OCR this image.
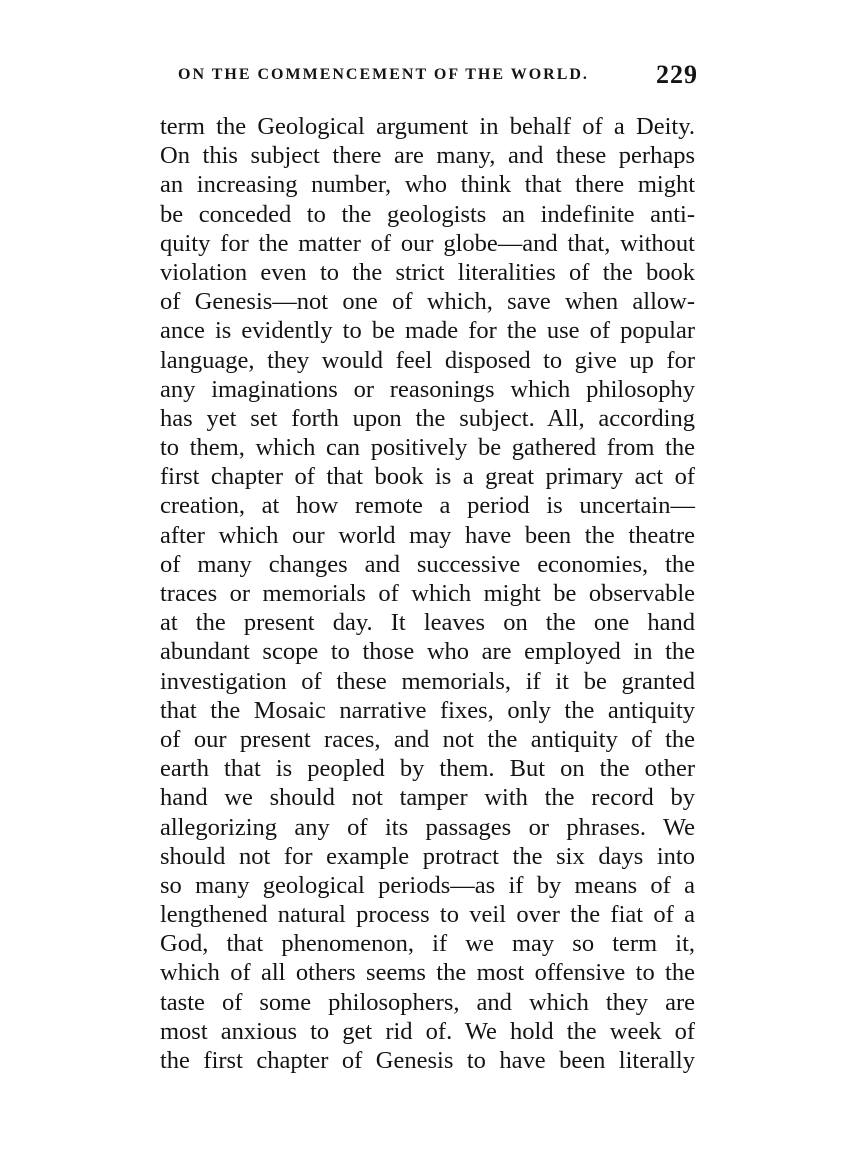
ON THE COMMENCEMENT OF THE WORLD.	229
term the Geological argument in behalf of a Deity.
On this subject there are many, and these perhaps
an increasing number, who think that there might
be conceded to the geologists an indefinite anti-
quity for the matter of our globe—and that, without
violation even to the strict literalities of the book
of Genesis—not one of which, save when allow-
ance is evidently to be made for the use of popular
language, they would feel disposed to give up for
any imaginations or reasonings which philosophy
has yet set forth upon the subject. All, according
to them, which can positively be gathered from the
first chapter of that book is a great primary act of
creation, at how remote a period is uncertain—
after which our world may have been the theatre
of many changes and successive economies, the
traces or memorials of which might be observable
at the present day. It leaves on the one hand
abundant scope to those who are employed in the
investigation of these memorials, if it be granted
that the Mosaic narrative fixes, only the antiquity
of our present races, and not the antiquity of the
earth that is peopled by them. But on the other
hand we should not tamper with the record by
allegorizing any of its passages or phrases. We
should not for example protract the six days into
so many geological periods—as if by means of a
lengthened natural process to veil over the fiat of a
God, that phenomenon, if we may so term it,
which of all others seems the most offensive to the
taste of some philosophers, and which they are
most anxious to get rid of. We hold the week of
the first chapter of Genesis to have been literally
